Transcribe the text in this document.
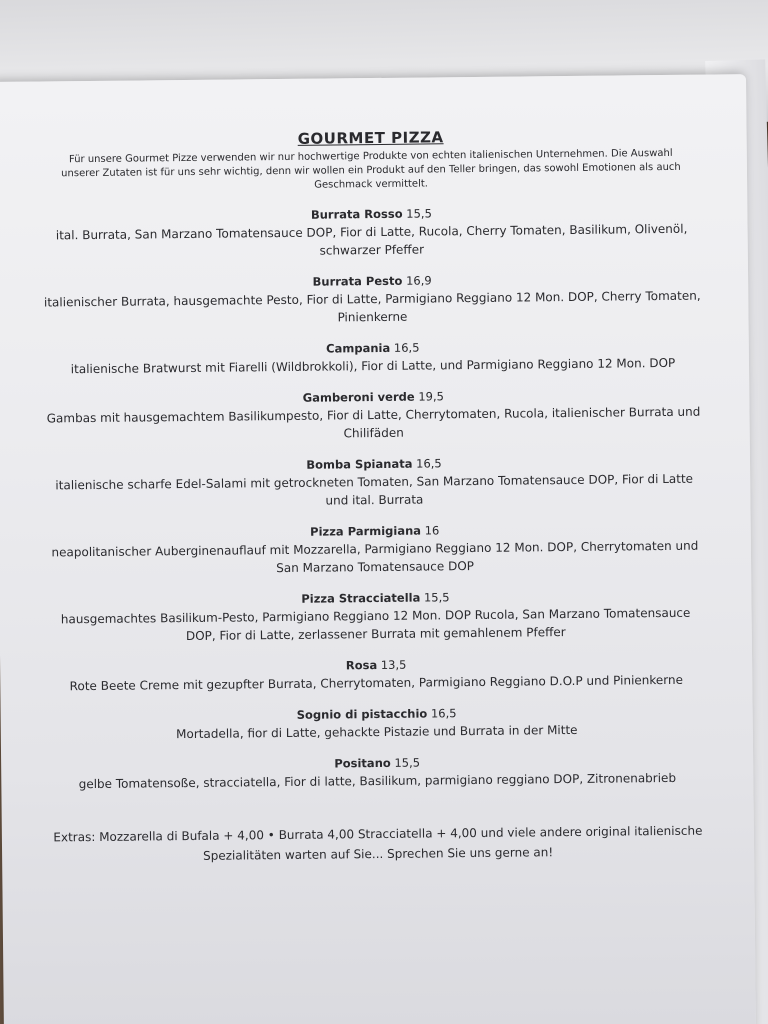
GOURMET PIZZA

Für unsere Gourmet Pizze verwenden wir nur hochwertige Produkte von echten italienischen Unternehmen. Die Auswahl unserer Zutaten ist für uns sehr wichtig, denn wir wollen ein Produkt auf den Teller bringen, das sowohl Emotionen als auch Geschmack vermittelt.

Burrata Rosso 15,5
ital. Burrata, San Marzano Tomatensauce DOP, Fior di Latte, Rucola, Cherry Tomaten, Basilikum, Olivenöl, schwarzer Pfeffer
Burrata Pesto 16,9
italienischer Burrata, hausgemachte Pesto, Fior di Latte, Parmigiano Reggiano 12 Mon. DOP, Cherry Tomaten, Pinienkerne
Campania 16,5
italienische Bratwurst mit Fiarelli (Wildbrokkoli), Fior di Latte, und Parmigiano Reggiano 12 Mon. DOP
Gamberoni verde 19,5
Gambas mit hausgemachtem Basilikumpesto, Fior di Latte, Cherrytomaten, Rucola, italienischer Burrata und Chilifäden
Bomba Spianata 16,5
italienische scharfe Edel-Salami mit getrockneten Tomaten, San Marzano Tomatensauce DOP, Fior di Latte und ital. Burrata
Pizza Parmigiana 16
neapolitanischer Auberginenauflauf mit Mozzarella, Parmigiano Reggiano 12 Mon. DOP, Cherrytomaten und San Marzano Tomatensauce DOP
Pizza Stracciatella 15,5
hausgemachtes Basilikum-Pesto, Parmigiano Reggiano 12 Mon. DOP Rucola, San Marzano Tomatensauce DOP, Fior di Latte, zerlassener Burrata mit gemahlenem Pfeffer
Rosa 13,5
Rote Beete Creme mit gezupfter Burrata, Cherrytomaten, Parmigiano Reggiano D.O.P und Pinienkerne
Sognio di pistacchio 16,5
Mortadella, fior di Latte, gehackte Pistazie und Burrata in der Mitte
Positano 15,5
gelbe Tomatensoße, stracciatella, Fior di latte, Basilikum, parmigiano reggiano DOP, Zitronenabrieb
Extras: Mozzarella di Bufala + 4,00 • Burrata 4,00 Stracciatella + 4,00 und viele andere original italienische Spezialitäten warten auf Sie... Sprechen Sie uns gerne an!
